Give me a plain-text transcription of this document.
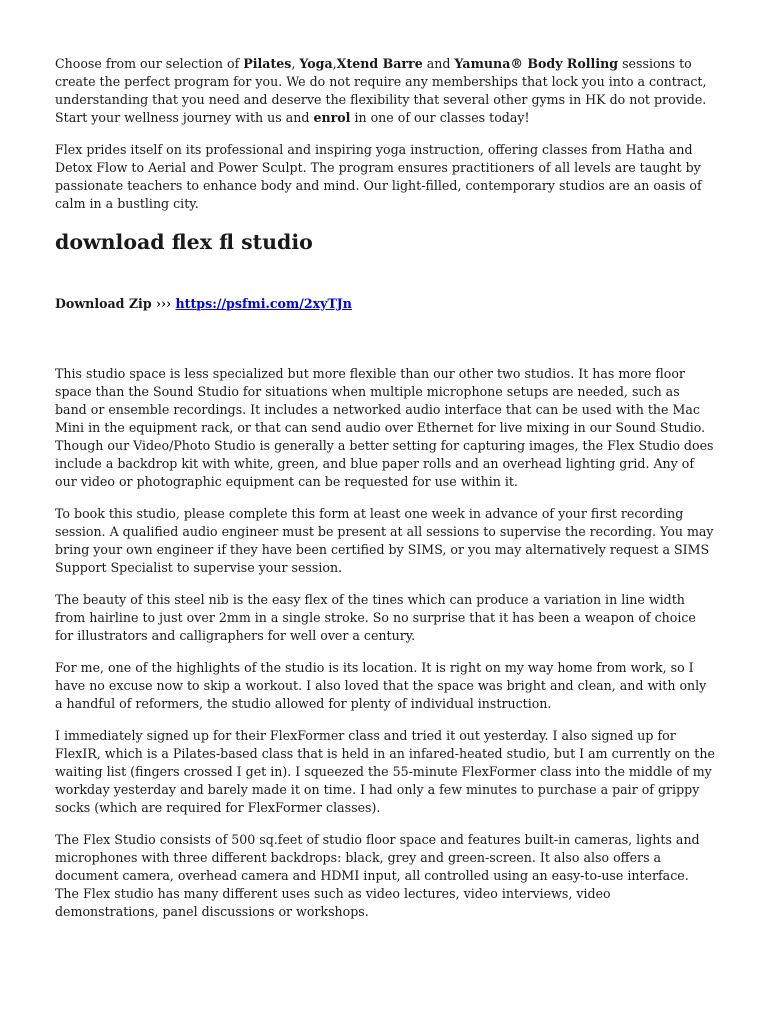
Choose from our selection of Pilates, Yoga,Xtend Barre and Yamuna® Body Rolling sessions to create the perfect program for you. We do not require any memberships that lock you into a contract, understanding that you need and deserve the flexibility that several other gyms in HK do not provide. Start your wellness journey with us and enrol in one of our classes today!

Flex prides itself on its professional and inspiring yoga instruction, offering classes from Hatha and Detox Flow to Aerial and Power Sculpt. The program ensures practitioners of all levels are taught by passionate teachers to enhance body and mind. Our light-filled, contemporary studios are an oasis of calm in a bustling city.

download flex fl studio
Download Zip ››› https://psfmi.com/2xyTJn

This studio space is less specialized but more flexible than our other two studios. It has more floor space than the Sound Studio for situations when multiple microphone setups are needed, such as band or ensemble recordings. It includes a networked audio interface that can be used with the Mac Mini in the equipment rack, or that can send audio over Ethernet for live mixing in our Sound Studio. Though our Video/Photo Studio is generally a better setting for capturing images, the Flex Studio does include a backdrop kit with white, green, and blue paper rolls and an overhead lighting grid. Any of our video or photographic equipment can be requested for use within it.

To book this studio, please complete this form at least one week in advance of your first recording session. A qualified audio engineer must be present at all sessions to supervise the recording. You may bring your own engineer if they have been certified by SIMS, or you may alternatively request a SIMS Support Specialist to supervise your session.

The beauty of this steel nib is the easy flex of the tines which can produce a variation in line width from hairline to just over 2mm in a single stroke. So no surprise that it has been a weapon of choice for illustrators and calligraphers for well over a century.

For me, one of the highlights of the studio is its location. It is right on my way home from work, so I have no excuse now to skip a workout. I also loved that the space was bright and clean, and with only a handful of reformers, the studio allowed for plenty of individual instruction.

I immediately signed up for their FlexFormer class and tried it out yesterday. I also signed up for FlexIR, which is a Pilates-based class that is held in an infared-heated studio, but I am currently on the waiting list (fingers crossed I get in). I squeezed the 55-minute FlexFormer class into the middle of my workday yesterday and barely made it on time. I had only a few minutes to purchase a pair of grippy socks (which are required for FlexFormer classes).

The Flex Studio consists of 500 sq.feet of studio floor space and features built-in cameras, lights and microphones with three different backdrops: black, grey and green-screen. It also also offers a document camera, overhead camera and HDMI input, all controlled using an easy-to-use interface. The Flex studio has many different uses such as video lectures, video interviews, video demonstrations, panel discussions or workshops.
